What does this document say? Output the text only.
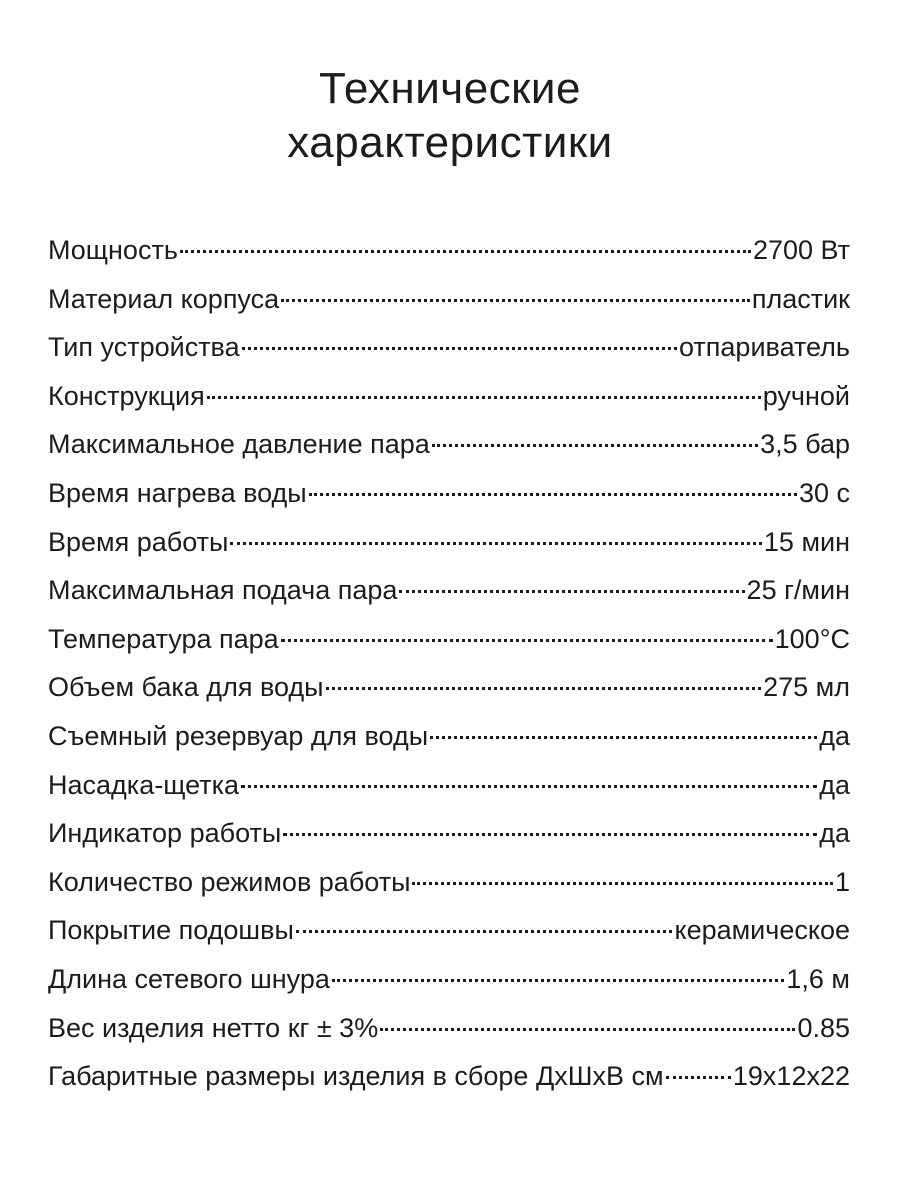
Технические
характеристики
Мощность	2700 Вт
Материал корпуса	пластик
Тип устройства	отпариватель
Конструкция	ручной
Максимальное давление пара	3,5 бар
Время нагрева воды	30 с
Время работы	15 мин
Максимальная подача пара	25 г/мин
Температура пара	100°С
Объем бака для воды	275 мл
Съемный резервуар для воды	да
Насадка-щетка	да
Индикатор работы	да
Количество режимов работы	1
Покрытие подошвы	керамическое
Длина сетевого шнура	1,6 м
Вес изделия нетто кг ± 3%	0.85
Габаритные размеры изделия в сборе ДхШхВ см	19x12x22
